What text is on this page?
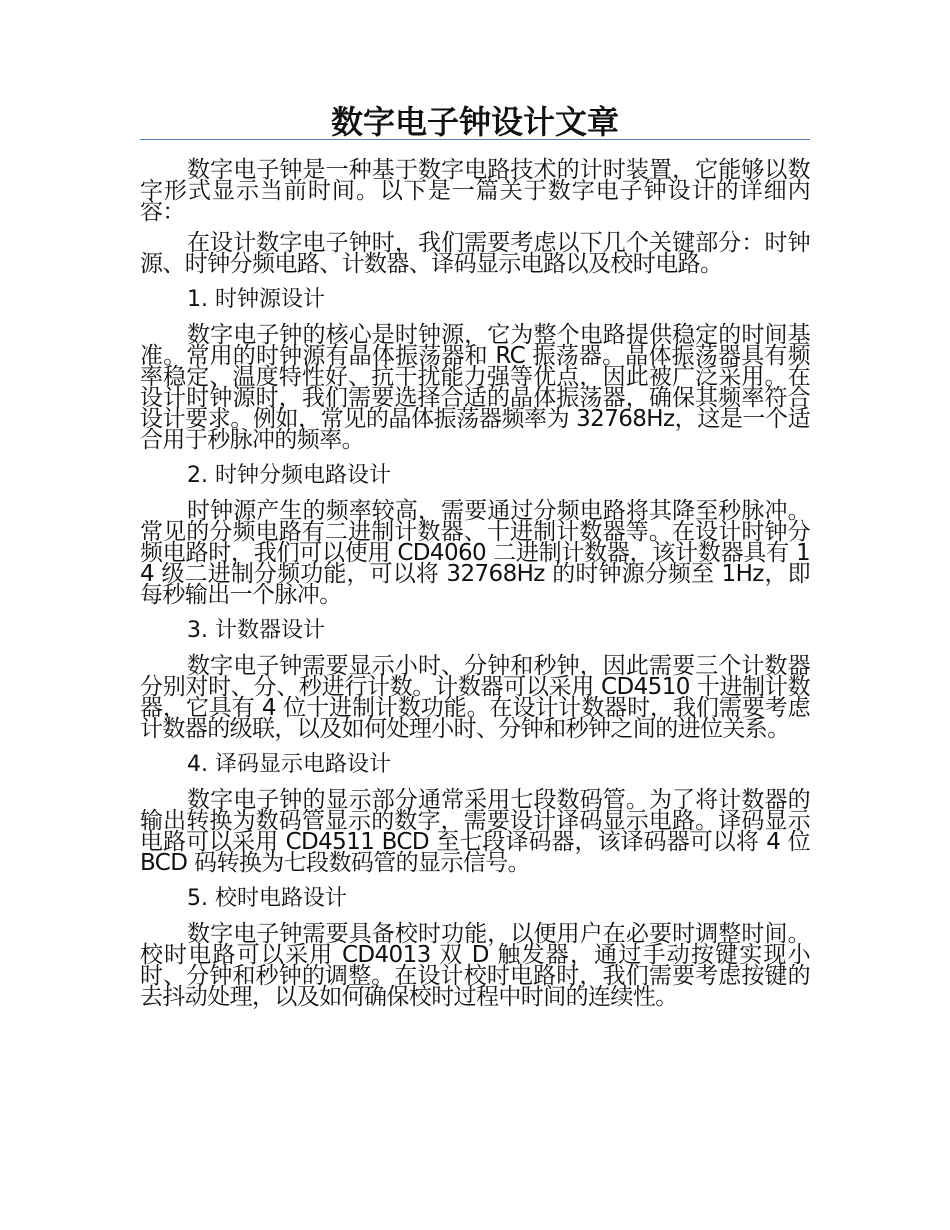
数字电子钟设计文章

数字电子钟是一种基于数字电路技术的计时装置，它能够以数字形式显示当前时间。以下是一篇关于数字电子钟设计的详细内容：

在设计数字电子钟时，我们需要考虑以下几个关键部分：时钟源、时钟分频电路、计数器、译码显示电路以及校时电路。

1. 时钟源设计

数字电子钟的核心是时钟源，它为整个电路提供稳定的时间基准。常用的时钟源有晶体振荡器和 RC 振荡器。晶体振荡器具有频率稳定、温度特性好、抗干扰能力强等优点，因此被广泛采用。在设计时钟源时，我们需要选择合适的晶体振荡器，确保其频率符合设计要求。例如，常见的晶体振荡器频率为 32768Hz，这是一个适合用于秒脉冲的频率。

2. 时钟分频电路设计

时钟源产生的频率较高，需要通过分频电路将其降至秒脉冲。常见的分频电路有二进制计数器、十进制计数器等。在设计时钟分频电路时，我们可以使用 CD4060 二进制计数器，该计数器具有 14 级二进制分频功能，可以将 32768Hz 的时钟源分频至 1Hz，即每秒输出一个脉冲。

3. 计数器设计

数字电子钟需要显示小时、分钟和秒钟，因此需要三个计数器分别对时、分、秒进行计数。计数器可以采用 CD4510 十进制计数器，它具有 4 位十进制计数功能。在设计计数器时，我们需要考虑计数器的级联，以及如何处理小时、分钟和秒钟之间的进位关系。

4. 译码显示电路设计

数字电子钟的显示部分通常采用七段数码管。为了将计数器的输出转换为数码管显示的数字，需要设计译码显示电路。译码显示电路可以采用 CD4511 BCD 至七段译码器，该译码器可以将 4 位 BCD 码转换为七段数码管的显示信号。

5. 校时电路设计

数字电子钟需要具备校时功能，以便用户在必要时调整时间。校时电路可以采用 CD4013 双 D 触发器，通过手动按键实现小时、分钟和秒钟的调整。在设计校时电路时，我们需要考虑按键的去抖动处理，以及如何确保校时过程中时间的连续性。
